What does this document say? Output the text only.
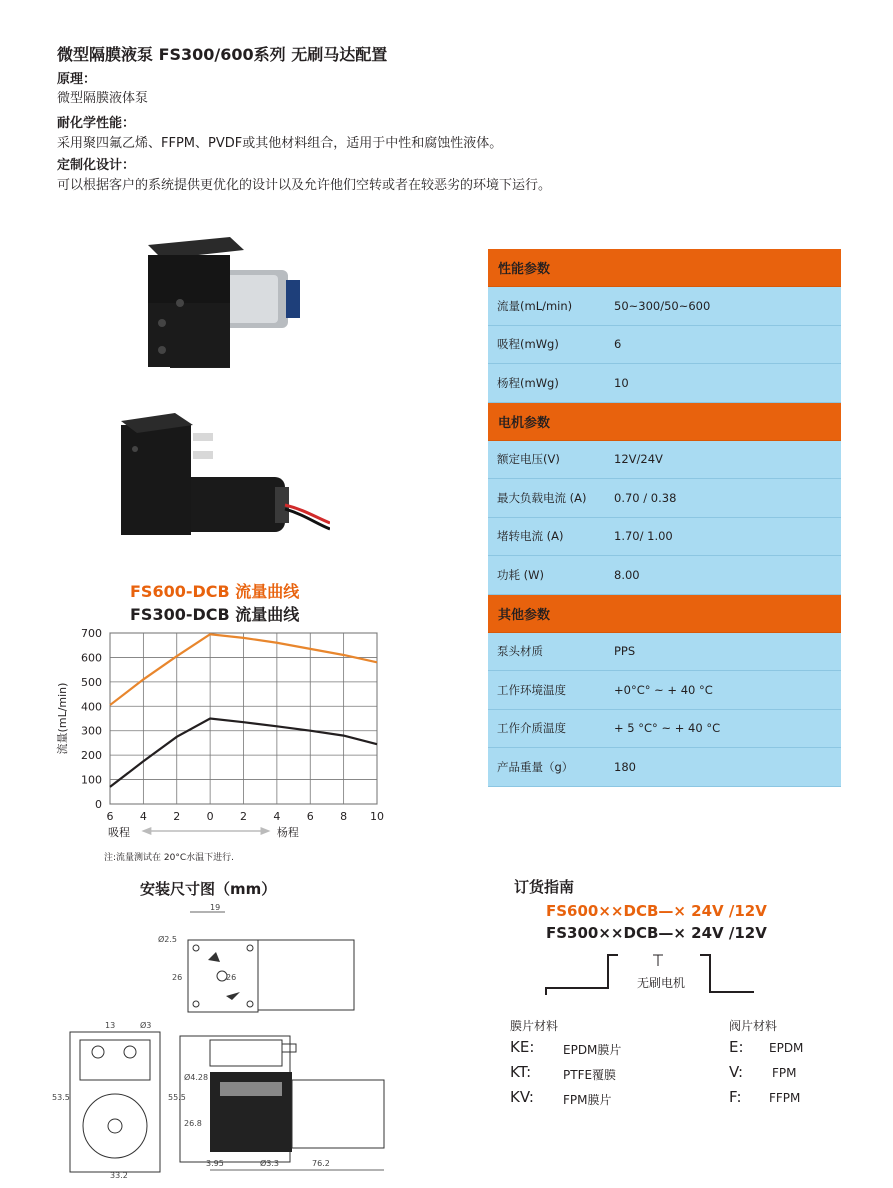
微型隔膜液泵 FS300/600系列 无刷马达配置
原理：
微型隔膜液体泵
耐化学性能：
采用聚四氟乙烯、FFPM、PVDF或其他材料组合，适用于中性和腐蚀性液体。
定制化设计：
可以根据客户的系统提供更优化的设计以及允许他们空转或者在较恶劣的环境下运行。
性能参数
流量(mL/min)	50~300/50~600
吸程(mWg)	6
杨程(mWg)	10
电机参数
额定电压(V)	12V/24V
最大负载电流 (A)	0.70 / 0.38
堵转电流 (A)	1.70/ 1.00
功耗 (W)	8.00
其他参数
泵头材质	PPS
工作环境温度	+0°C° ~ + 40 °C
工作介质温度	+ 5 °C° ~ + 40 °C
产品重量（g）	180
FS600-DCB 流量曲线
FS300-DCB 流量曲线
6 4 2 0 2 4 6 8 10
0
100
200
300
400
500
600
700
流量(mL/min)
吸程	杨程
注:流量测试在 20°C水温下进行.
安装尺寸图（mm）
19
Ø2.5
26	26
13	Ø3
53.5
33.2
Ø4.28
55.5
26.8
3.95	Ø3.3	76.2
订货指南
FS600××DCB—× 24V /12V
FS300××DCB—× 24V /12V
无刷电机
膜片材料
KE: EPDM膜片
KT:	PTFE覆膜
KV: FPM膜片
阀片材料
E: EPDM
V: FPM
F: FFPM
